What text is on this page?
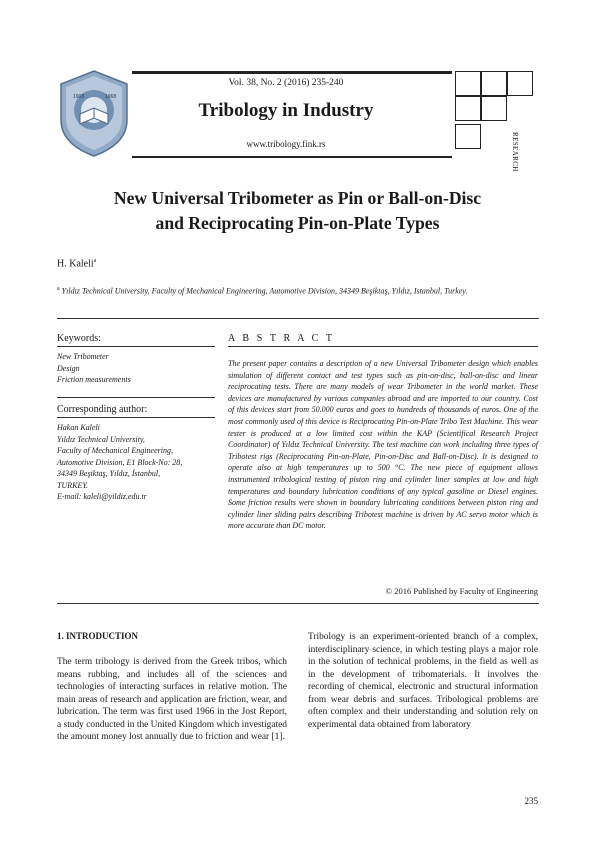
1908	1968
Vol. 38, No. 2 (2016) 235-240
Tribology in Industry
www.tribology.fink.rs	RESEARCH
New Universal Tribometer as Pin or Ball-on-Disc
and Reciprocating Pin-on-Plate Types
H. Kaleli$^a$
$^a$ Yıldız Technical University, Faculty of Mechanical Engineering, Automotive Division, 34349 Beşiktaş, Yıldız, Istanbul, Turkey.
Keywords:
New Tribometer
Design
Friction measurements
Corresponding author:
Hakan Kaleli
Yıldız Technical University,
Faculty of Mechanical Engineering,
Automotive Division, E1 Block-No: 28,
34349 Beşiktaş, Yıldız, İstanbul,
TURKEY.
E-mail: kaleli@yildiz.edu.tr
A B S T R A C T
The present paper contains a description of a new Universal Tribometer design which enables simulation of different contact and test types such as pin-on-disc, ball-on-disc and linear reciprocating tests. There are many models of wear Tribometer in the world market. These devices are manufactured by various companies abroad and are imported to our country. Cost of this devices start from 50.000 euros and goes to hundreds of thousands of euros. One of the most commonly used of this device is Reciprocating Pin-on-Plate Tribo Test Machine. This wear tester is produced at a low limited cost within the KAP (Scientifical Research Project Coordinator) of Yıldız Technical University. The test machine can work including three types of Tribotest rigs (Reciprocating Pin-on-Plate, Pin-on-Disc and Ball-on-Disc). It is designed to operate also at high temperatures up to 500 °C. The new piece of equipment allows instrumented tribological testing of piston ring and cylinder liner samples at low and high temperatures and boundary lubrication conditions of any typical gasoline or Diesel engines. Some friction results were shown in boundary lubricating conditions between piston ring and cylinder liner sliding pairs describing Tribotest machine is driven by AC servo motor which is more accurate than DC motor.
© 2016 Published by Faculty of Engineering
1. INTRODUCTION
The term tribology is derived from the Greek tribos, which means rubbing, and includes all of the sciences and technologies of interacting surfaces in relative motion. The main areas of research and application are friction, wear, and lubrication. The term was first used 1966 in the Jost Report, a study conducted in the United Kingdom which investigated the amount money lost annually due to friction and wear [1].
Tribology is an experiment-oriented branch of a complex, interdisciplinary science, in which testing plays a major role in the solution of technical problems, in the field as well as in the development of tribomaterials. It involves the recording of chemical, electronic and structural information from wear debris and surfaces. Tribological problems are often complex and their understanding and solution rely on experimental data obtained from laboratory
235
